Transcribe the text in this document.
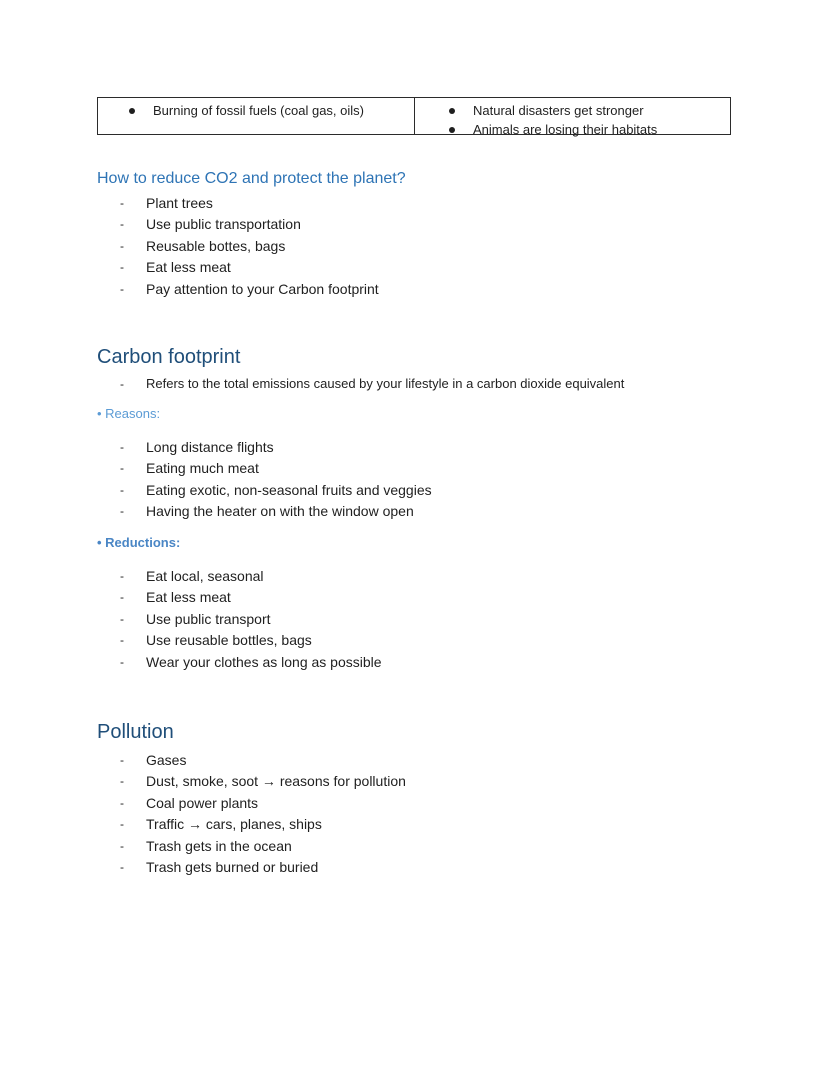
Burning of fossil fuels (coal gas, oils)	Natural disasters get stronger
Animals are losing their habitats
How to reduce CO2 and protect the planet?
-	Plant trees
-	Use public transportation
-	Reusable bottes, bags
-	Eat less meat
-	Pay attention to your Carbon footprint
Carbon footprint
-	Refers to the total emissions caused by your lifestyle in a carbon dioxide equivalent
• Reasons:
-	Long distance flights
-	Eating much meat
-	Eating exotic, non-seasonal fruits and veggies
-	Having the heater on with the window open
• Reductions:
-	Eat local, seasonal
-	Eat less meat
-	Use public transport
-	Use reusable bottles, bags
-	Wear your clothes as long as possible
Pollution
-	Gases
-	Dust, smoke, soot → reasons for pollution
-	Coal power plants
-	Traffic → cars, planes, ships
-	Trash gets in the ocean
-	Trash gets burned or buried
